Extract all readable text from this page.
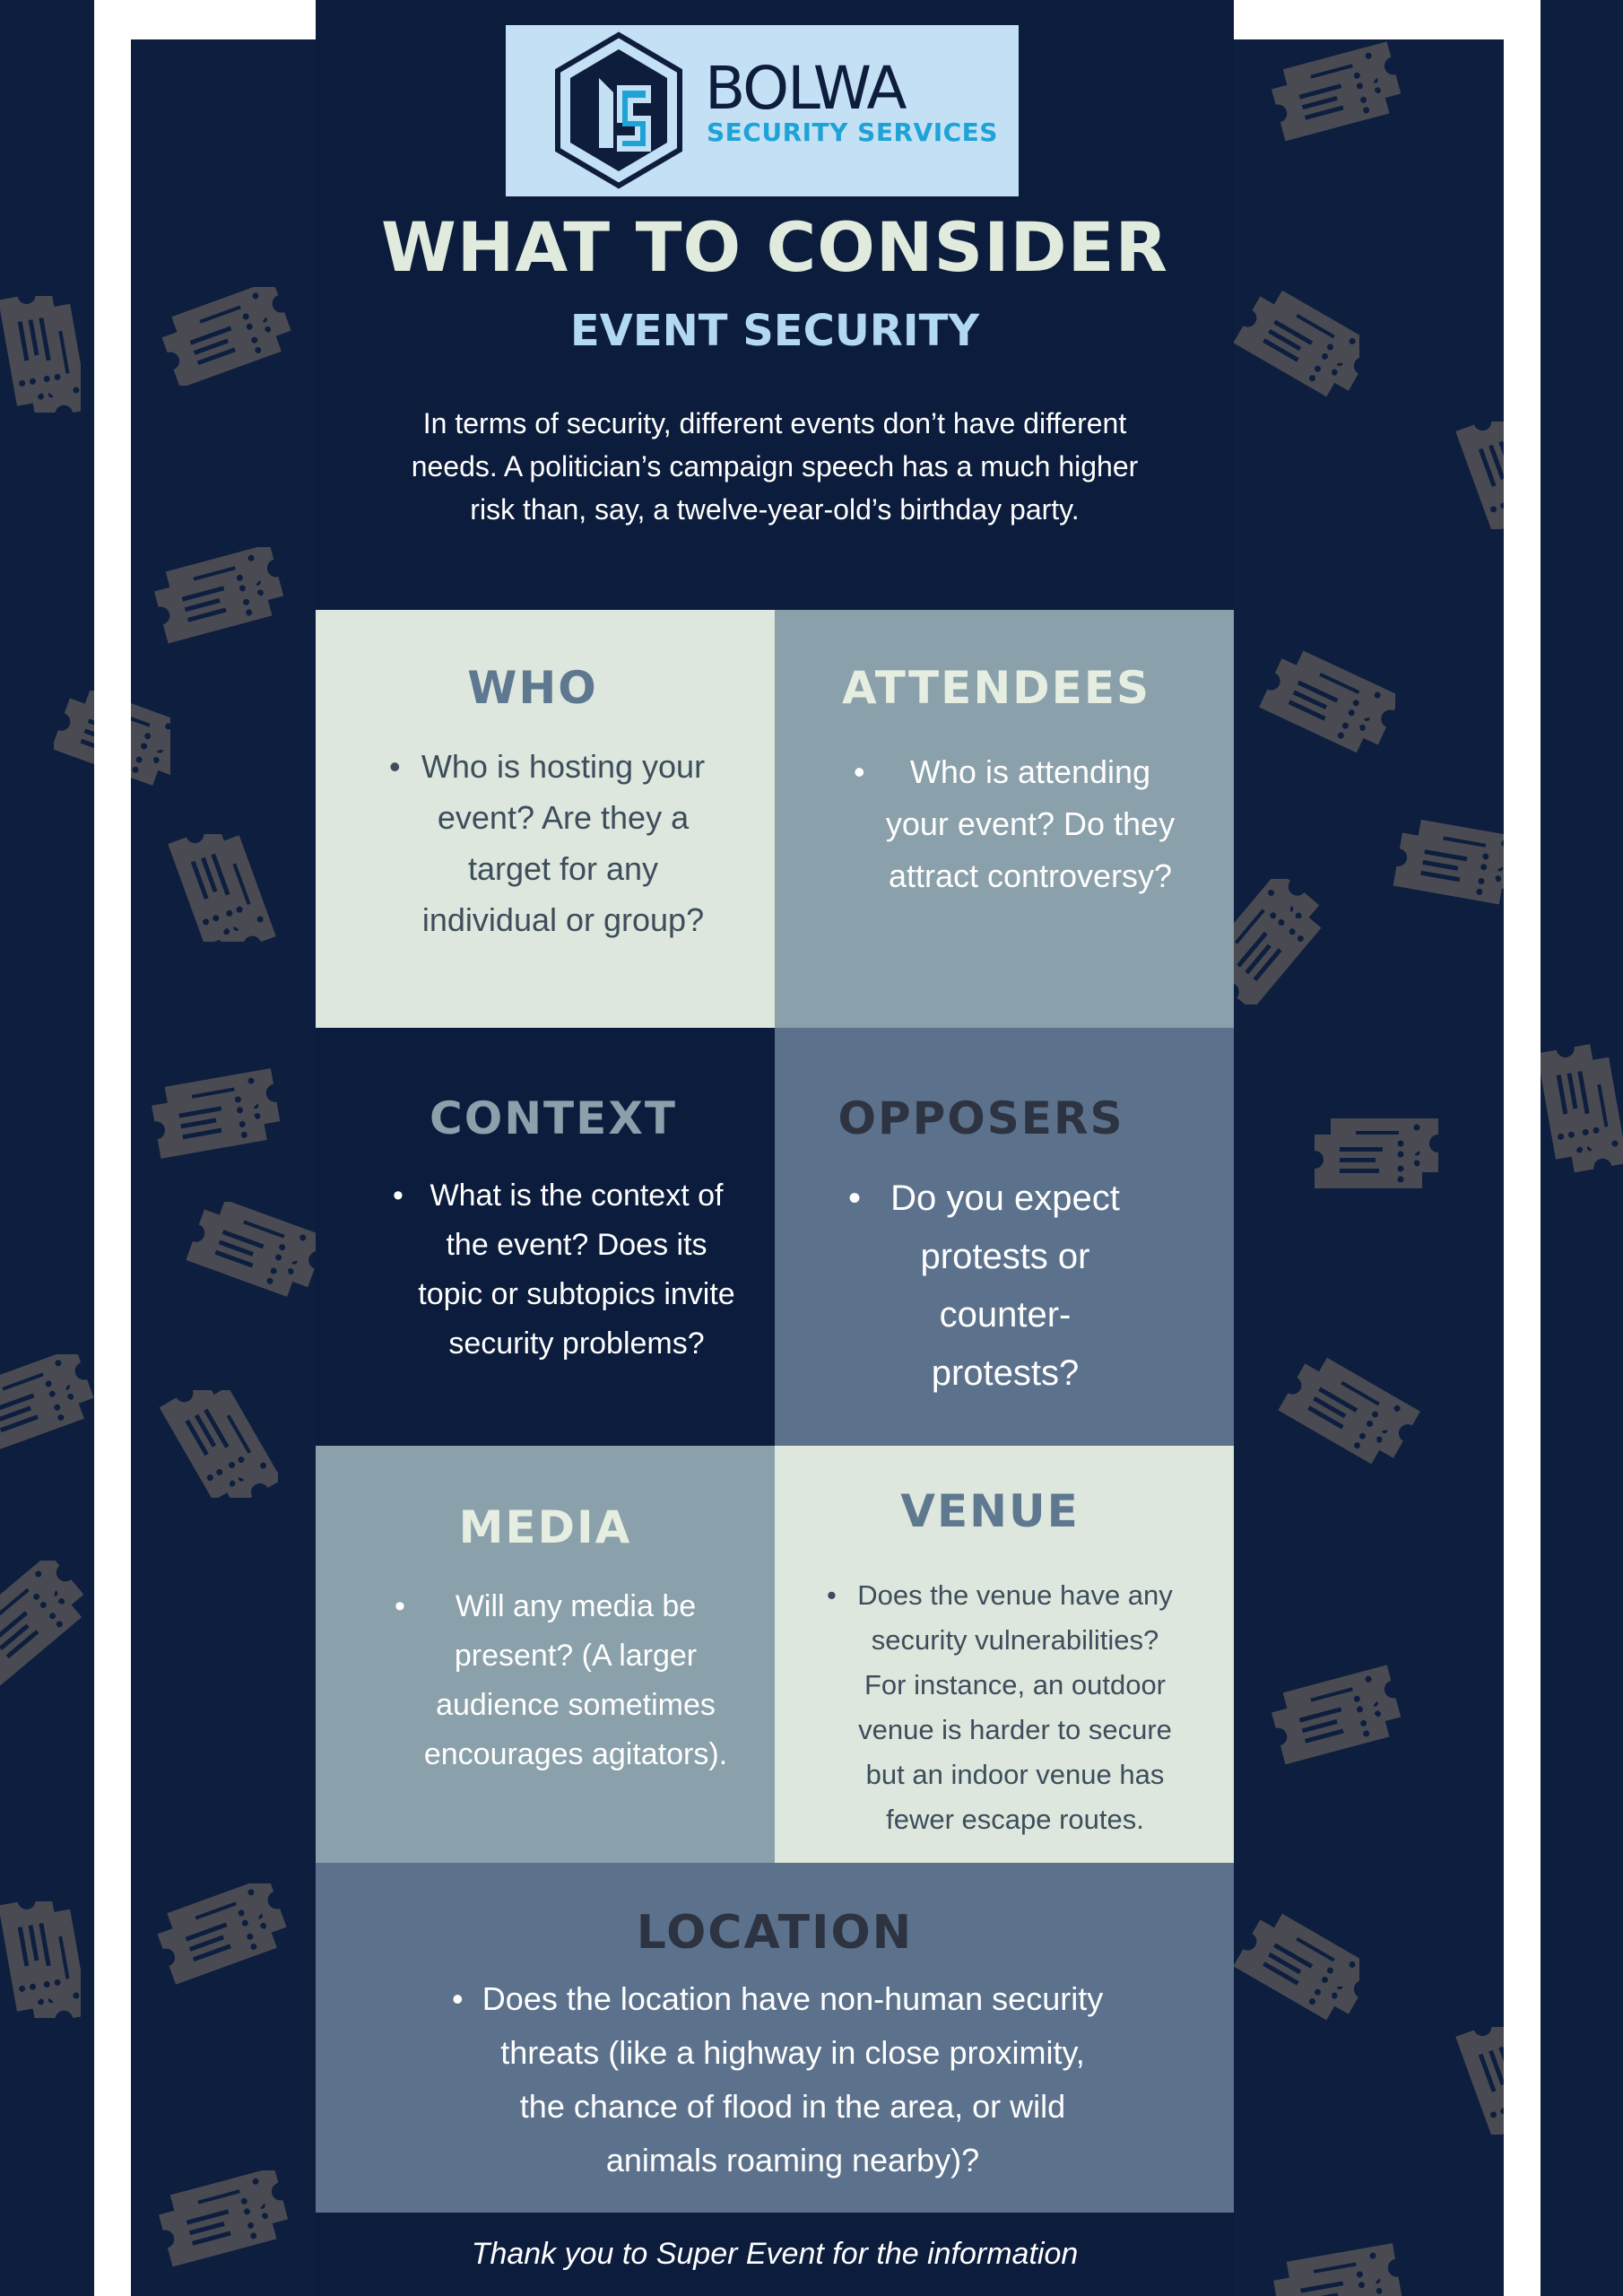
BOLWA
SECURITY SERVICES
WHAT TO CONSIDER
EVENT SECURITY
In terms of security, different events don’t have different needs. A politician’s campaign speech has a much higher risk than, say, a twelve-year-old’s birthday party.
WHO
• Who is hosting your event? Are they a target for any individual or group?
ATTENDEES
• Who is attending your event? Do they attract controversy?
CONTEXT
• What is the context of the event? Does its topic or subtopics invite security problems?
OPPOSERS
• Do you expect protests or counter-protests?
MEDIA
• Will any media be present? (A larger audience sometimes encourages agitators).
VENUE
• Does the venue have any security vulnerabilities? For instance, an outdoor venue is harder to secure but an indoor venue has fewer escape routes.
LOCATION
• Does the location have non-human security threats (like a highway in close proximity, the chance of flood in the area, or wild animals roaming nearby)?
Thank you to Super Event for the information
